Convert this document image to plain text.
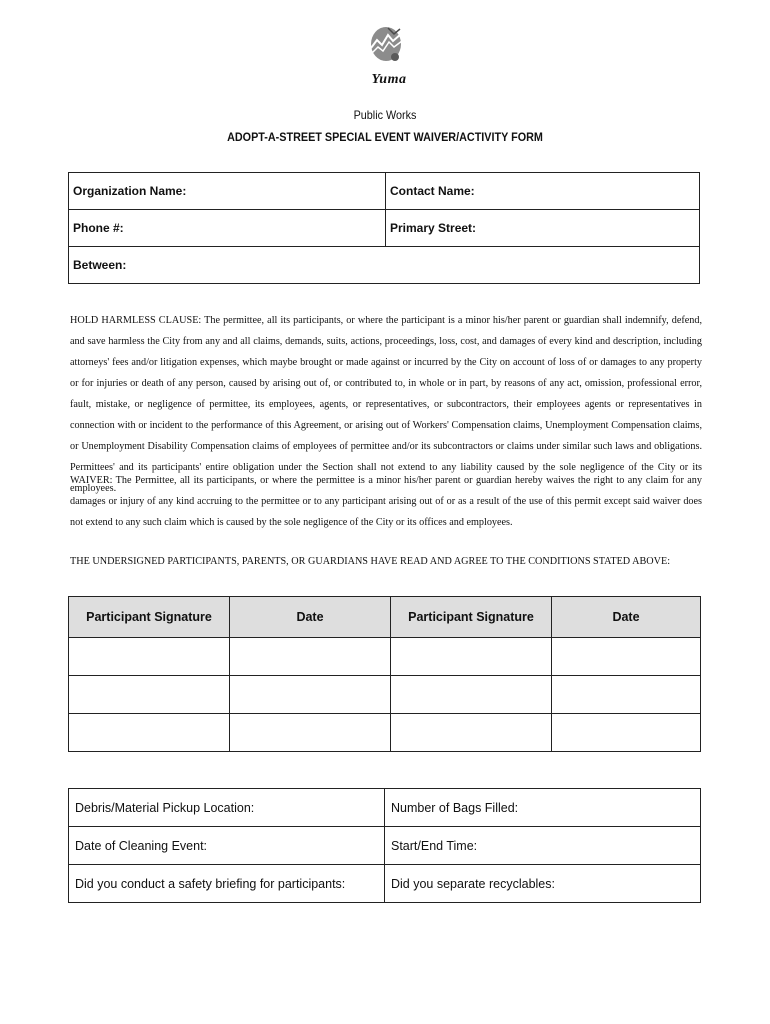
Yuma
Public Works
ADOPT-A-STREET SPECIAL EVENT WAIVER/ACTIVITY FORM
Organization Name:	Contact Name:
Phone #:	Primary Street:
Between:	
HOLD HARMLESS CLAUSE: The permittee, all its participants, or where the participant is a minor his/her parent or guardian shall indemnify, defend, and save harmless the City from any and all claims, demands, suits, actions, proceedings, loss, cost, and damages of every kind and description, including attorneys' fees and/or litigation expenses, which maybe brought or made against or incurred by the City on account of loss of or damages to any property or for injuries or death of any person, caused by arising out of, or contributed to, in whole or in part, by reasons of any act, omission, professional error, fault, mistake, or negligence of permittee, its employees, agents, or representatives, or subcontractors, their employees agents or representatives in connection with or incident to the performance of this Agreement, or arising out of Workers' Compensation claims, Unemployment Compensation claims, or Unemployment Disability Compensation claims of employees of permittee and/or its subcontractors or claims under similar such laws and obligations. Permittees' and its participants' entire obligation under the Section shall not extend to any liability caused by the sole negligence of the City or its employees.
WAIVER: The Permittee, all its participants, or where the permittee is a minor his/her parent or guardian hereby waives the right to any claim for any damages or injury of any kind accruing to the permittee or to any participant arising out of or as a result of the use of this permit except said waiver does not extend to any such claim which is caused by the sole negligence of the City or its offices and employees.
THE UNDERSIGNED PARTICIPANTS, PARENTS, OR GUARDIANS HAVE READ AND AGREE TO THE CONDITIONS STATED ABOVE:
Participant Signature	Date	Participant Signature	Date

Debris/Material Pickup Location:	Number of Bags Filled:
Date of Cleaning Event:	Start/End Time:
Did you conduct a safety briefing for participants:	Did you separate recyclables:
